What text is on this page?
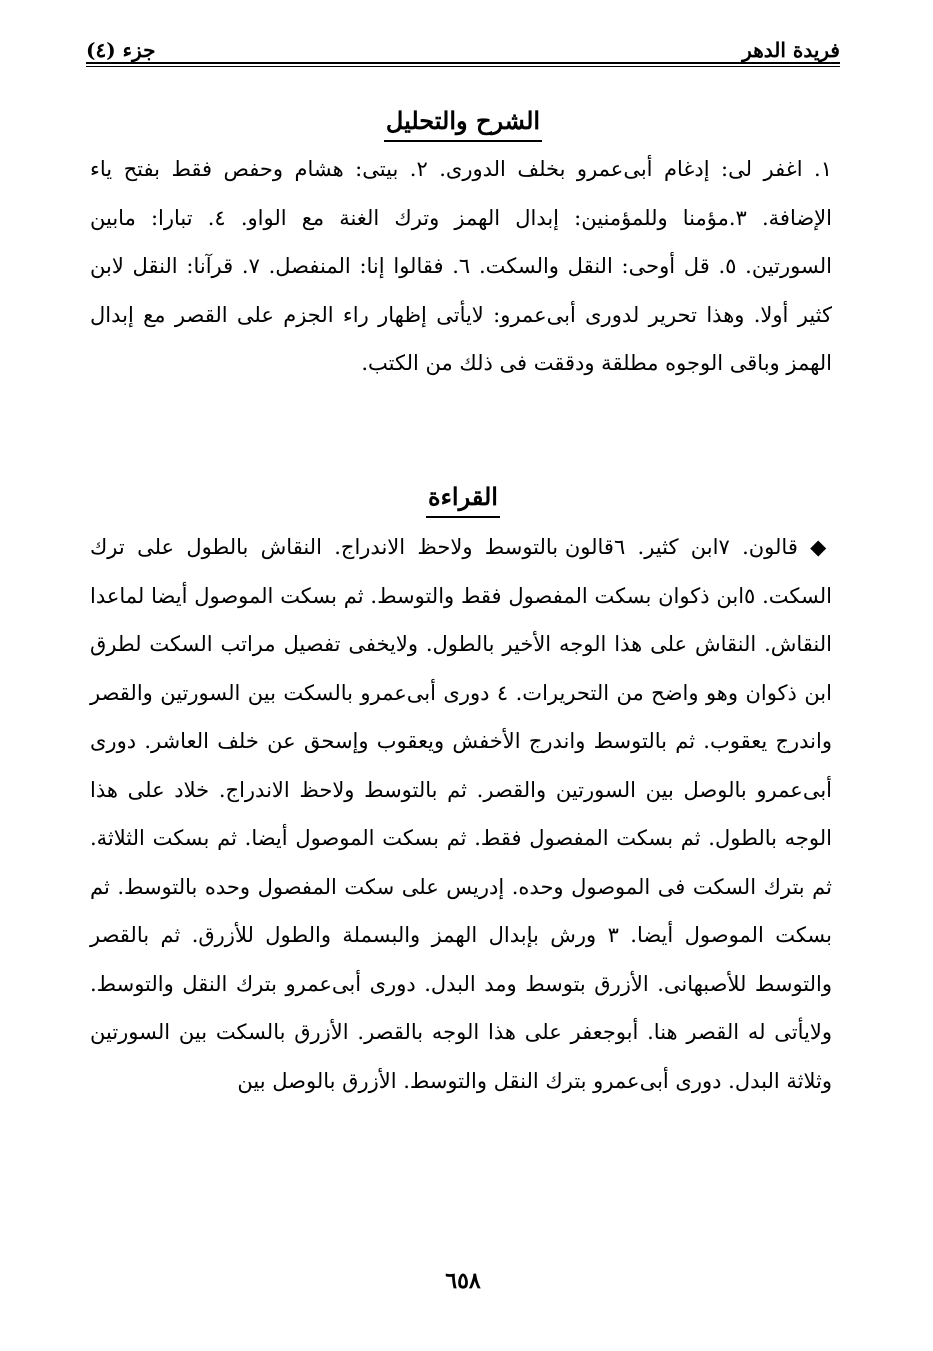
فريدة الدهر
جزء (٤)
الشرح والتحليل
١. اغفر لى: إدغام أبى‌عمرو بخلف الدورى. ٢. بيتى: هشام وحفص فقط بفتح ياء الإضافة. ٣.مؤمنا وللمؤمنين: إبدال الهمز وترك الغنة مع الواو. ٤. تبارا: مابين السورتين. ٥. قل أوحى: النقل والسكت. ٦. فقالوا إنا: المنفصل. ٧. قرآنا: النقل لابن كثير أولا. وهذا تحرير لدورى أبى‌عمرو: لايأتى إظهار راء الجزم على القصر مع إبدال الهمز وباقى الوجوه مطلقة ودققت فى ذلك من الكتب.
القراءة
◆ قالون. ٧ابن كثير. ٦قالون بالتوسط ولاحظ الاندراج. النقاش بالطول على ترك السكت. ٥ابن ذكوان بسكت المفصول فقط والتوسط. ثم بسكت الموصول أيضا لماعدا النقاش. النقاش على هذا الوجه الأخير بالطول. ولايخفى تفصيل مراتب السكت لطرق ابن ذكوان وهو واضح من التحريرات. ٤ دورى أبى‌عمرو بالسكت بين السورتين والقصر واندرج يعقوب. ثم بالتوسط واندرج الأخفش ويعقوب وإسحق عن خلف العاشر. دورى أبى‌عمرو بالوصل بين السورتين والقصر. ثم بالتوسط ولاحظ الاندراج. خلاد على هذا الوجه بالطول. ثم بسكت المفصول فقط. ثم بسكت الموصول أيضا. ثم بسكت الثلاثة. ثم بترك السكت فى الموصول وحده. إدريس على سكت المفصول وحده بالتوسط. ثم بسكت الموصول أيضا. ٣ ورش بإبدال الهمز والبسملة والطول للأزرق. ثم بالقصر والتوسط للأصبهانى. الأزرق بتوسط ومد البدل. دورى أبى‌عمرو بترك النقل والتوسط. ولايأتى له القصر هنا. أبوجعفر على هذا الوجه بالقصر. الأزرق بالسكت بين السورتين وثلاثة البدل. دورى أبى‌عمرو بترك النقل والتوسط. الأزرق بالوصل بين
٦٥٨
